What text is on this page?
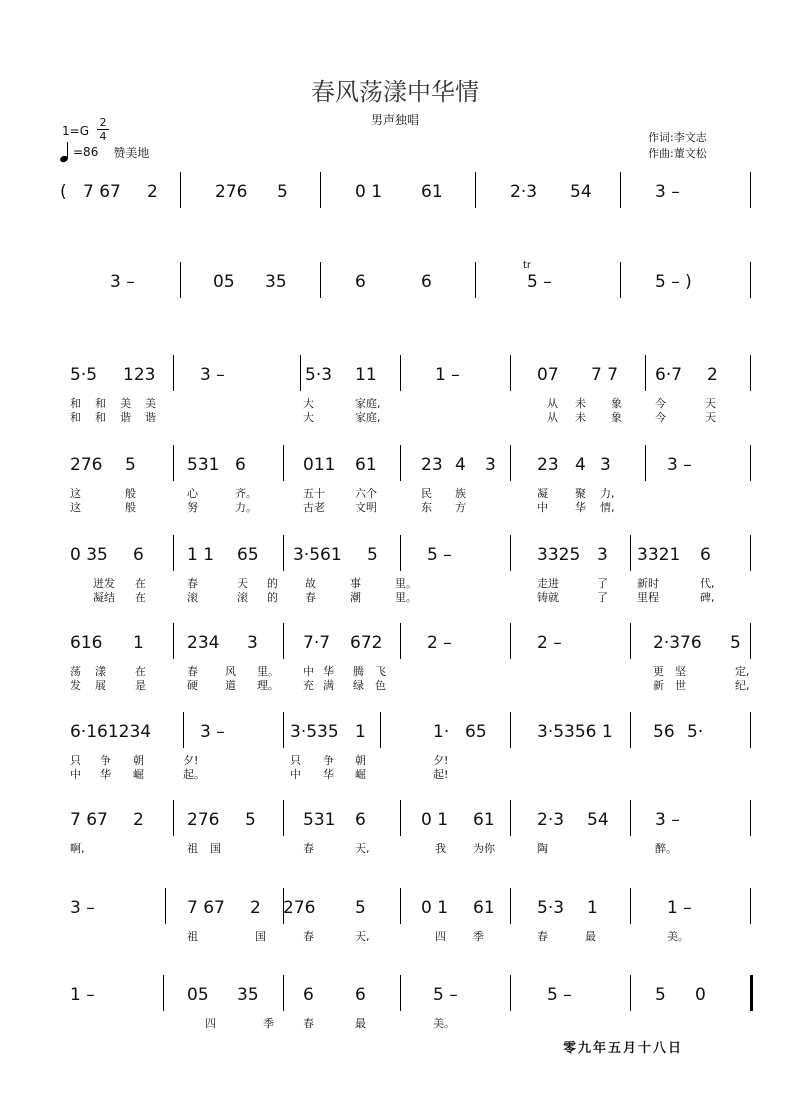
春风荡漾中华情
男声独唱
1=G
2
4
=86 赞美地
作词:李文志
作曲:董文松
( 7 67 2	276 5	0 1 61	2·3 54	3 –
3 –	05 35	6	6
tr
5 –	5 – )
5·5 123	3 –	5·3 11	1 –	07 7 7 6·7 2
和 和 美 美	大	家庭,	从 未 象	今	天
和 和 谐 谐	大	家庭,	从 未 象	今	天
276 5	531 6	011 61	23 4 3 23 4 3	3 –
这	般	心	齐。	五十	六个	民 族	凝 聚 力,
这	般	努	力。	古老	文明	东 方	中 华 情,
0 35 6	1 1 65 3·561 5	5 –	3325 3 3321 6
迸发 在	春	天 的 故	事	里。	走进	了	新时	代,
凝结 在	滚	滚 的 春	潮	里。	铸就	了	里程	碑,
616 1	234 3	7·7 672	2 –	2 –	2·376 5
荡 漾	在	春 风 里。 中 华 腾 飞	更 坚	定,
发 展	是	硬 道 理。 充 满 绿 色	新 世	纪,
6·161234	3 –	3·535 1	1· 65	3·5356 1 56 5·
只 争 朝	夕!	只 争 朝	夕!
中 华 崛	起。	中 华 崛	起!
7 67 2	276 5	531 6	0 1 61 2·3 54	3 –
啊,	祖 国	春	天,	我 为你	陶	醉。
3 –	7 67 2 276 5	0 1 61 5·3 1	1 –
祖	国	春	天,	四 季	春	最	美。
1 –	05 35	6 6	5 –	5 –	5 0
四	季	春	最	美。
零九年五月十八日
